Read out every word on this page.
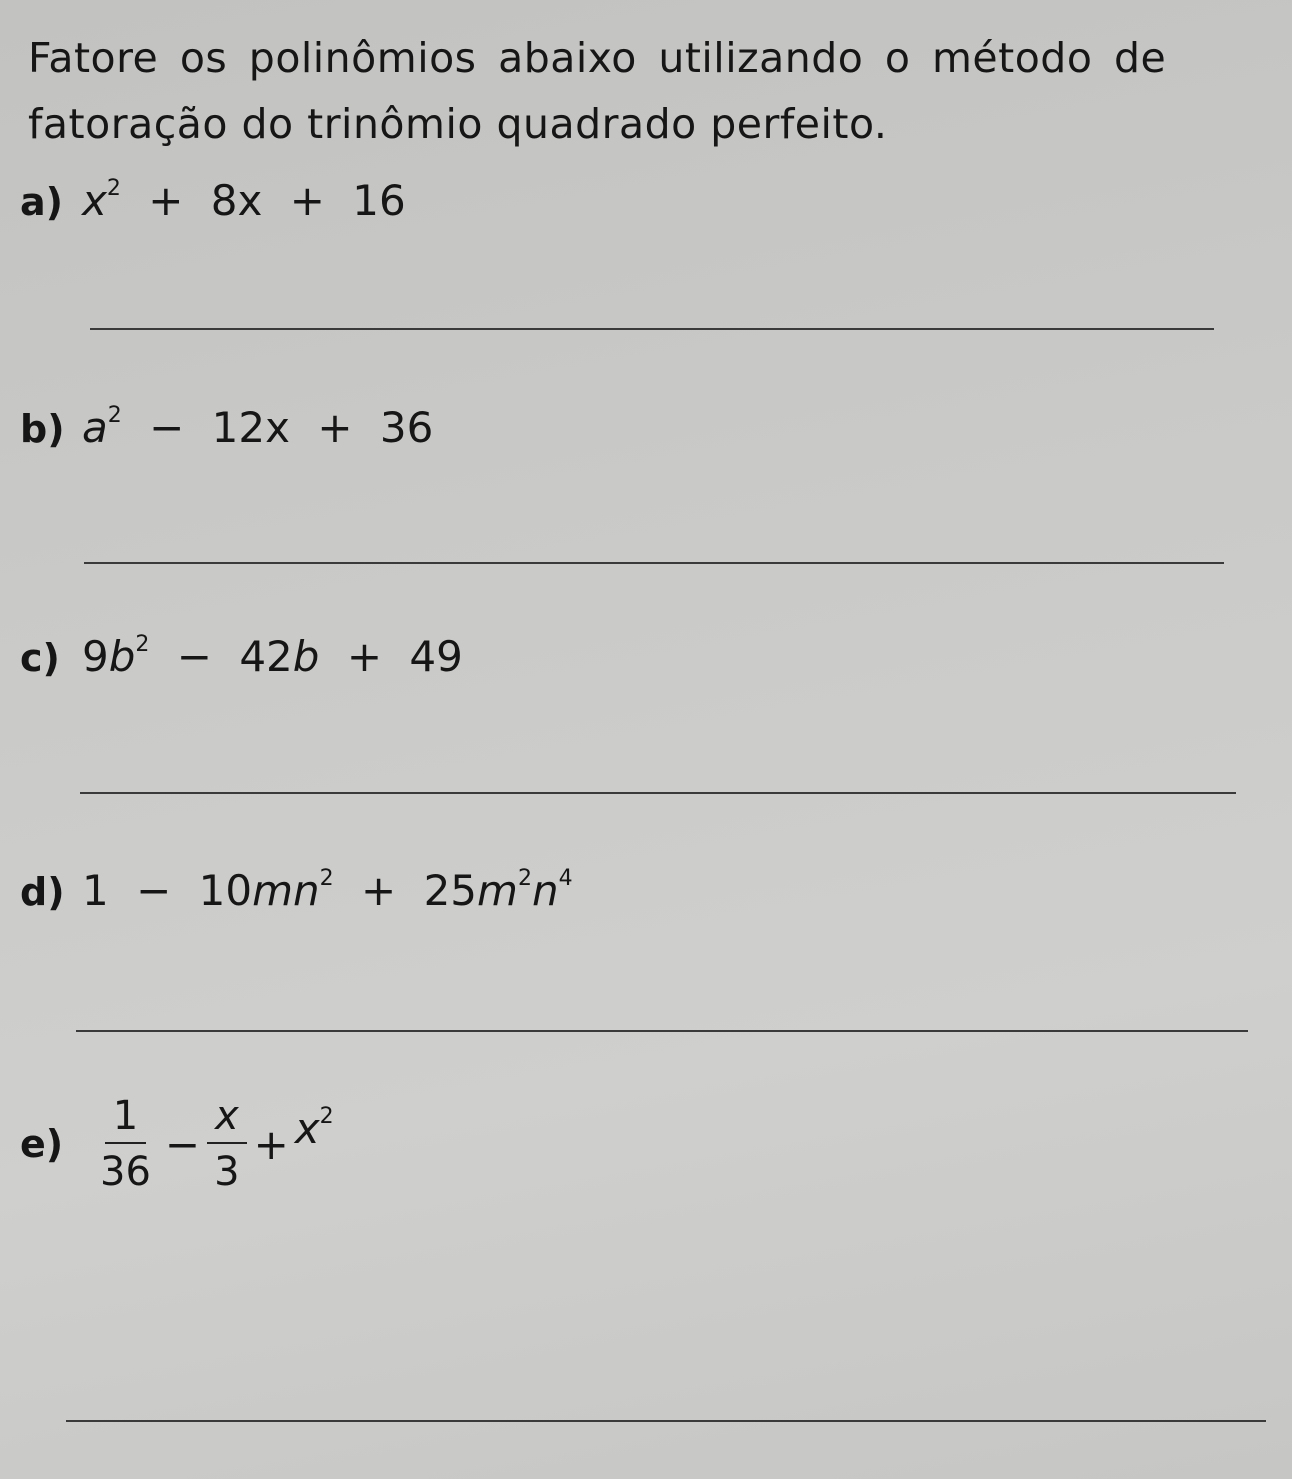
Fatore os polinômios abaixo utilizando o método de
fatoração do trinômio quadrado perfeito.
a) $x^2 + 8x + 16$
b) $a^2 - 12x + 36$
c) $9b^2 - 42b + 49$
d) $1 - 10mn^2 + 25m^2n^4$
$e) \frac{1}{36} - \frac{x}{3} + x^2$
